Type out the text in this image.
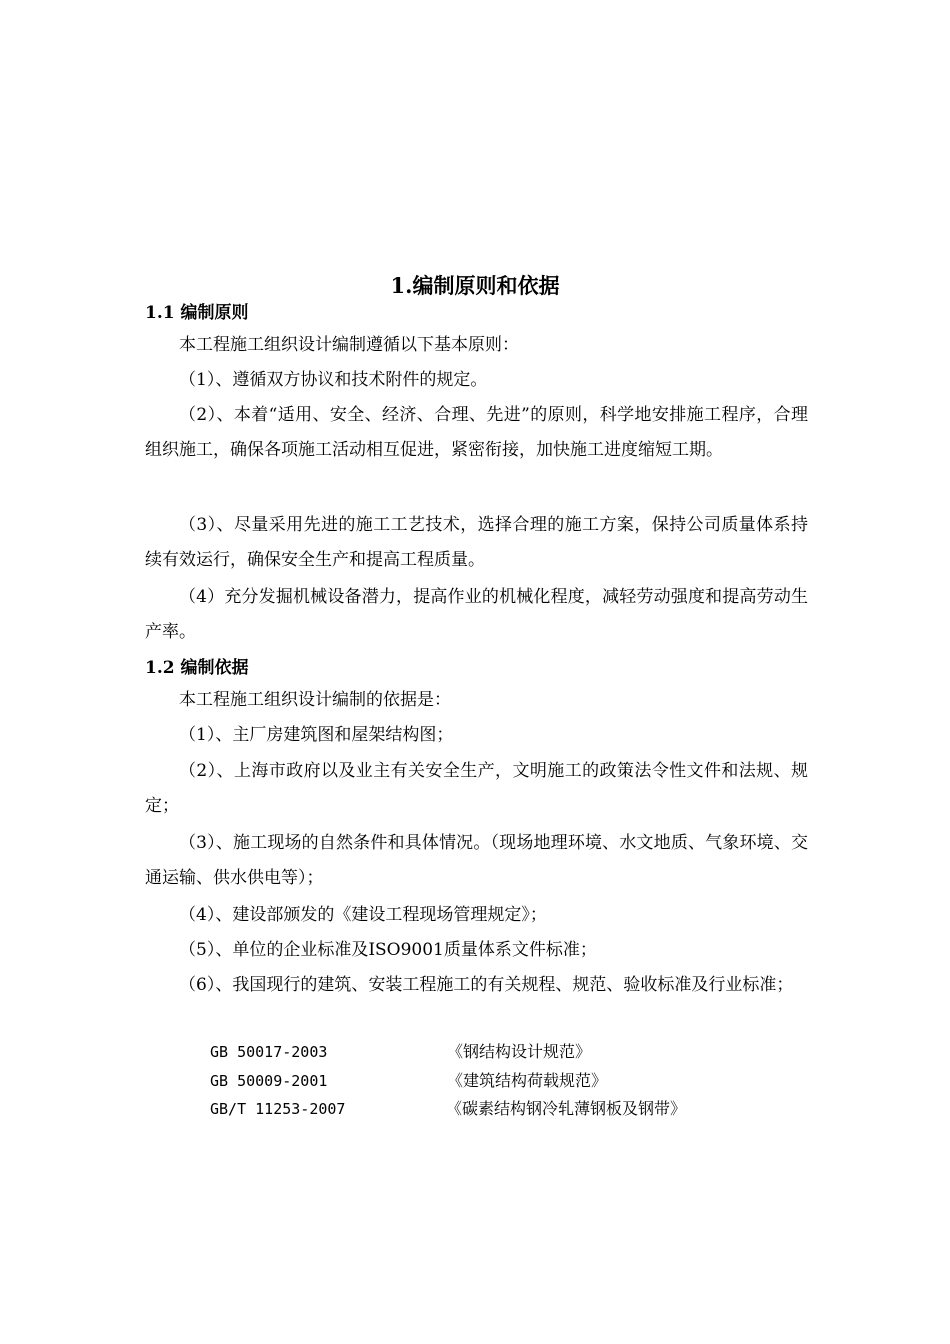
1.编制原则和依据
1.1 编制原则

本工程施工组织设计编制遵循以下基本原则：

（1）、遵循双方协议和技术附件的规定。

（2）、本着“适用、安全、经济、合理、先进”的原则，科学地安排施工程序，合理组织施工，确保各项施工活动相互促进，紧密衔接，加快施工进度缩短工期。

（3）、尽量采用先进的施工工艺技术，选择合理的施工方案，保持公司质量体系持续有效运行，确保安全生产和提高工程质量。

（4）充分发掘机械设备潜力，提高作业的机械化程度，减轻劳动强度和提高劳动生产率。

1.2 编制依据

本工程施工组织设计编制的依据是：

（1）、主厂房建筑图和屋架结构图；

（2）、上海市政府以及业主有关安全生产，文明施工的政策法令性文件和法规、规定；

（3）、施工现场的自然条件和具体情况。（现场地理环境、水文地质、气象环境、交通运输、供水供电等）；

（4）、建设部颁发的《建设工程现场管理规定》；

（5）、单位的企业标准及ISO9001质量体系文件标准；

（6）、我国现行的建筑、安装工程施工的有关规程、规范、验收标准及行业标准；

GB 50017-2003	《钢结构设计规范》
GB 50009-2001	《建筑结构荷载规范》
GB/T 11253-2007	《碳素结构钢冷轧薄钢板及钢带》
